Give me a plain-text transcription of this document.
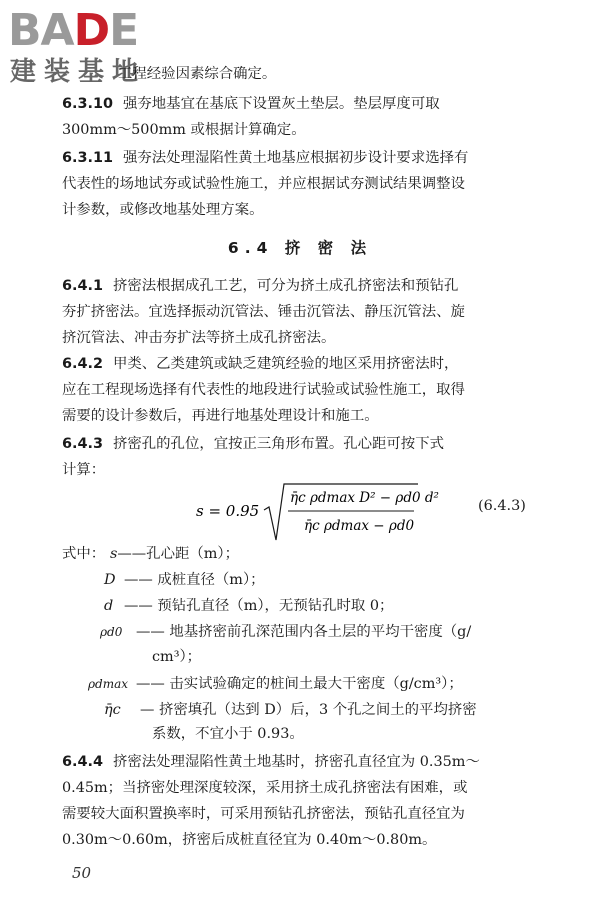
BADE
建装基地
工程经验因素综合确定。
6.3.10 强夯地基宜在基底下设置灰土垫层。垫层厚度可取
300mm～500mm 或根据计算确定。
6.3.11 强夯法处理湿陷性黄土地基应根据初步设计要求选择有
代表性的场地试夯或试验性施工，并应根据试夯测试结果调整设
计参数，或修改地基处理方案。
6.4 挤 密 法
6.4.1 挤密法根据成孔工艺，可分为挤土成孔挤密法和预钻孔
夯扩挤密法。宜选择振动沉管法、锤击沉管法、静压沉管法、旋
挤沉管法、冲击夯扩法等挤土成孔挤密法。
6.4.2 甲类、乙类建筑或缺乏建筑经验的地区采用挤密法时，
应在工程现场选择有代表性的地段进行试验或试验性施工，取得
需要的设计参数后，再进行地基处理设计和施工。
6.4.3 挤密孔的孔位，宜按正三角形布置。孔心距可按下式
计算：
s = 0.95
η̄c ρdmax D² − ρd0 d²
η̄c ρdmax − ρd0
(6.4.3)
式中： s——孔心距（m）；
D —— 成桩直径（m）；
d —— 预钻孔直径（m），无预钻孔时取 0；
ρd0 —— 地基挤密前孔深范围内各土层的平均干密度（g/
cm³）；
ρdmax —— 击实试验确定的桩间土最大干密度（g/cm³）；
η̄c — 挤密填孔（达到 D）后，3 个孔之间土的平均挤密
系数，不宜小于 0.93。
6.4.4 挤密法处理湿陷性黄土地基时，挤密孔直径宜为 0.35m～
0.45m；当挤密处理深度较深，采用挤土成孔挤密法有困难，或
需要较大面积置换率时，可采用预钻孔挤密法，预钻孔直径宜为
0.30m～0.60m，挤密后成桩直径宜为 0.40m～0.80m。
50
